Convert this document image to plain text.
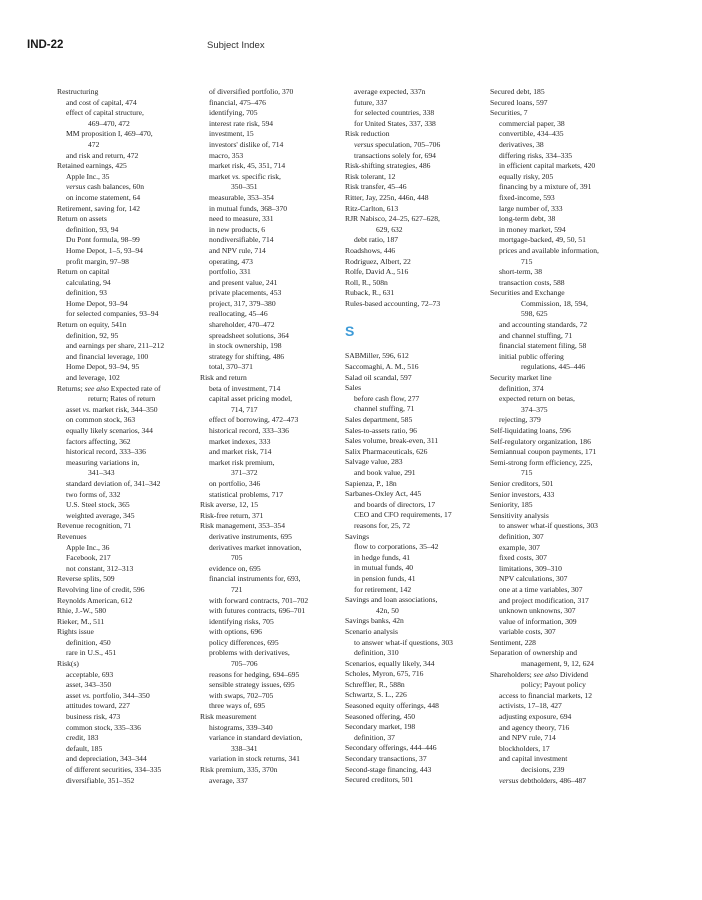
IND-22	Subject Index
Restructuring
and cost of capital, 474
effect of capital structure,
469–470, 472
MM proposition I, 469–470,
472
and risk and return, 472
Retained earnings, 425
Apple Inc., 35
versus cash balances, 60n
on income statement, 64
Retirement, saving for, 142
Return on assets
definition, 93, 94
Du Pont formula, 98–99
Home Depot, 1–5, 93–94
profit margin, 97–98
Return on capital
calculating, 94
definition, 93
Home Depot, 93–94
for selected companies, 93–94
Return on equity, 541n
definition, 92, 95
and earnings per share, 211–212
and financial leverage, 100
Home Depot, 93–94, 95
and leverage, 102
Returns; see also Expected rate of
return; Rates of return
asset vs. market risk, 344–350
on common stock, 363
equally likely scenarios, 344
factors affecting, 362
historical record, 333–336
measuring variations in,
341–343
standard deviation of, 341–342
two forms of, 332
U.S. Steel stock, 365
weighted average, 345
Revenue recognition, 71
Revenues
Apple Inc., 36
Facebook, 217
not constant, 312–313
Reverse splits, 509
Revolving line of credit, 596
Reynolds American, 612
Rhie, J.-W., 580
Rieker, M., 511
Rights issue
definition, 450
rare in U.S., 451
Risk(s)
acceptable, 693
asset, 343–350
asset vs. portfolio, 344–350
attitudes toward, 227
business risk, 473
common stock, 335–336
credit, 183
default, 185
and depreciation, 343–344
of different securities, 334–335
diversifiable, 351–352
of diversified portfolio, 370
financial, 475–476
identifying, 705
interest rate risk, 594
investment, 15
investors' dislike of, 714
macro, 353
market risk, 45, 351, 714
market vs. specific risk,
350–351
measurable, 353–354
in mutual funds, 368–370
need to measure, 331
in new products, 6
nondiversifiable, 714
and NPV rule, 714
operating, 473
portfolio, 331
and present value, 241
private placements, 453
project, 317, 379–380
reallocating, 45–46
shareholder, 470–472
spreadsheet solutions, 364
in stock ownership, 198
strategy for shifting, 486
total, 370–371
Risk and return
beta of investment, 714
capital asset pricing model,
714, 717
effect of borrowing, 472–473
historical record, 333–336
market indexes, 333
and market risk, 714
market risk premium,
371–372
on portfolio, 346
statistical problems, 717
Risk averse, 12, 15
Risk-free return, 371
Risk management, 353–354
derivative instruments, 695
derivatives market innovation,
705
evidence on, 695
financial instruments for, 693,
721
with forward contracts, 701–702
with futures contracts, 696–701
identifying risks, 705
with options, 696
policy differences, 695
problems with derivatives,
705–706
reasons for hedging, 694–695
sensible strategy issues, 695
with swaps, 702–705
three ways of, 695
Risk measurement
histograms, 339–340
variance in standard deviation,
338–341
variation in stock returns, 341
Risk premium, 335, 370n
average, 337
average expected, 337n
future, 337
for selected countries, 338
for United States, 337, 338
Risk reduction
versus speculation, 705–706
transactions solely for, 694
Risk-shifting strategies, 486
Risk tolerant, 12
Risk transfer, 45–46
Ritter, Jay, 225n, 446n, 448
Ritz-Carlton, 613
RJR Nabisco, 24–25, 627–628,
629, 632
debt ratio, 187
Roadshows, 446
Rodriguez, Albert, 22
Rolfe, David A., 516
Roll, R., 508n
Ruback, R., 631
Rules-based accounting, 72–73
S
SABMiller, 596, 612
Saccomaghi, A. M., 516
Salad oil scandal, 597
Sales
before cash flow, 277
channel stuffing, 71
Sales department, 585
Sales-to-assets ratio, 96
Sales volume, break-even, 311
Salix Pharmaceuticals, 626
Salvage value, 283
and book value, 291
Sapienza, P., 18n
Sarbanes-Oxley Act, 445
and boards of directors, 17
CEO and CFO requirements, 17
reasons for, 25, 72
Savings
flow to corporations, 35–42
in hedge funds, 41
in mutual funds, 40
in pension funds, 41
for retirement, 142
Savings and loan associations,
42n, 50
Savings banks, 42n
Scenario analysis
to answer what-if questions, 303
definition, 310
Scenarios, equally likely, 344
Scholes, Myron, 675, 716
Schreffler, R., 588n
Schwartz, S. L., 226
Seasoned equity offerings, 448
Seasoned offering, 450
Secondary market, 198
definition, 37
Secondary offerings, 444–446
Secondary transactions, 37
Second-stage financing, 443
Secured creditors, 501
Secured debt, 185
Secured loans, 597
Securities, 7
commercial paper, 38
convertible, 434–435
derivatives, 38
differing risks, 334–335
in efficient capital markets, 420
equally risky, 205
financing by a mixture of, 391
fixed-income, 593
large number of, 333
long-term debt, 38
in money market, 594
mortgage-backed, 49, 50, 51
prices and available information,
715
short-term, 38
transaction costs, 588
Securities and Exchange
Commission, 18, 594,
598, 625
and accounting standards, 72
and channel stuffing, 71
financial statement filing, 58
initial public offering
regulations, 445–446
Security market line
definition, 374
expected return on betas,
374–375
rejecting, 379
Self-liquidating loans, 596
Self-regulatory organization, 186
Semiannual coupon payments, 171
Semi-strong form efficiency, 225,
715
Senior creditors, 501
Senior investors, 433
Seniority, 185
Sensitivity analysis
to answer what-if questions, 303
definition, 307
example, 307
fixed costs, 307
limitations, 309–310
NPV calculations, 307
one at a time variables, 307
and project modification, 317
unknown unknowns, 307
value of information, 309
variable costs, 307
Sentiment, 228
Separation of ownership and
management, 9, 12, 624
Shareholders; see also Dividend
policy; Payout policy
access to financial markets, 12
activists, 17–18, 427
adjusting exposure, 694
and agency theory, 716
and NPV rule, 714
blockholders, 17
and capital investment
decisions, 239
versus debtholders, 486–487
